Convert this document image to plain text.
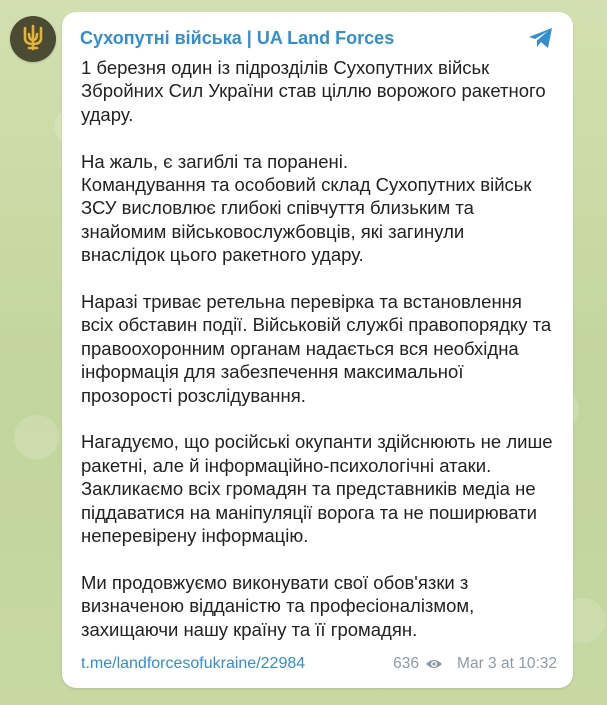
Сухопутні війська | UA Land Forces

1 березня один із підрозділів Сухопутних військ
Збройних Сил України став ціллю ворожого ракетного
удару.

На жаль, є загиблі та поранені.
Командування та особовий склад Сухопутних військ
ЗСУ висловлює глибокі співчуття близьким та
знайомим військовослужбовців, які загинули
внаслідок цього ракетного удару.

Наразі триває ретельна перевірка та встановлення
всіх обставин події. Військовій службі правопорядку та
правоохоронним органам надається вся необхідна
інформація для забезпечення максимальної
прозорості розслідування.

Нагадуємо, що російські окупанти здійснюють не лише
ракетні, але й інформаційно-психологічні атаки.
Закликаємо всіх громадян та представників медіа не
піддаватися на маніпуляції ворога та не поширювати
неперевірену інформацію.

Ми продовжуємо виконувати свої обов'язки з
визначеною відданістю та професіоналізмом,
захищаючи нашу країну та її громадян.

t.me/landforcesofukraine/22984	636 Mar 3 at 10:32
